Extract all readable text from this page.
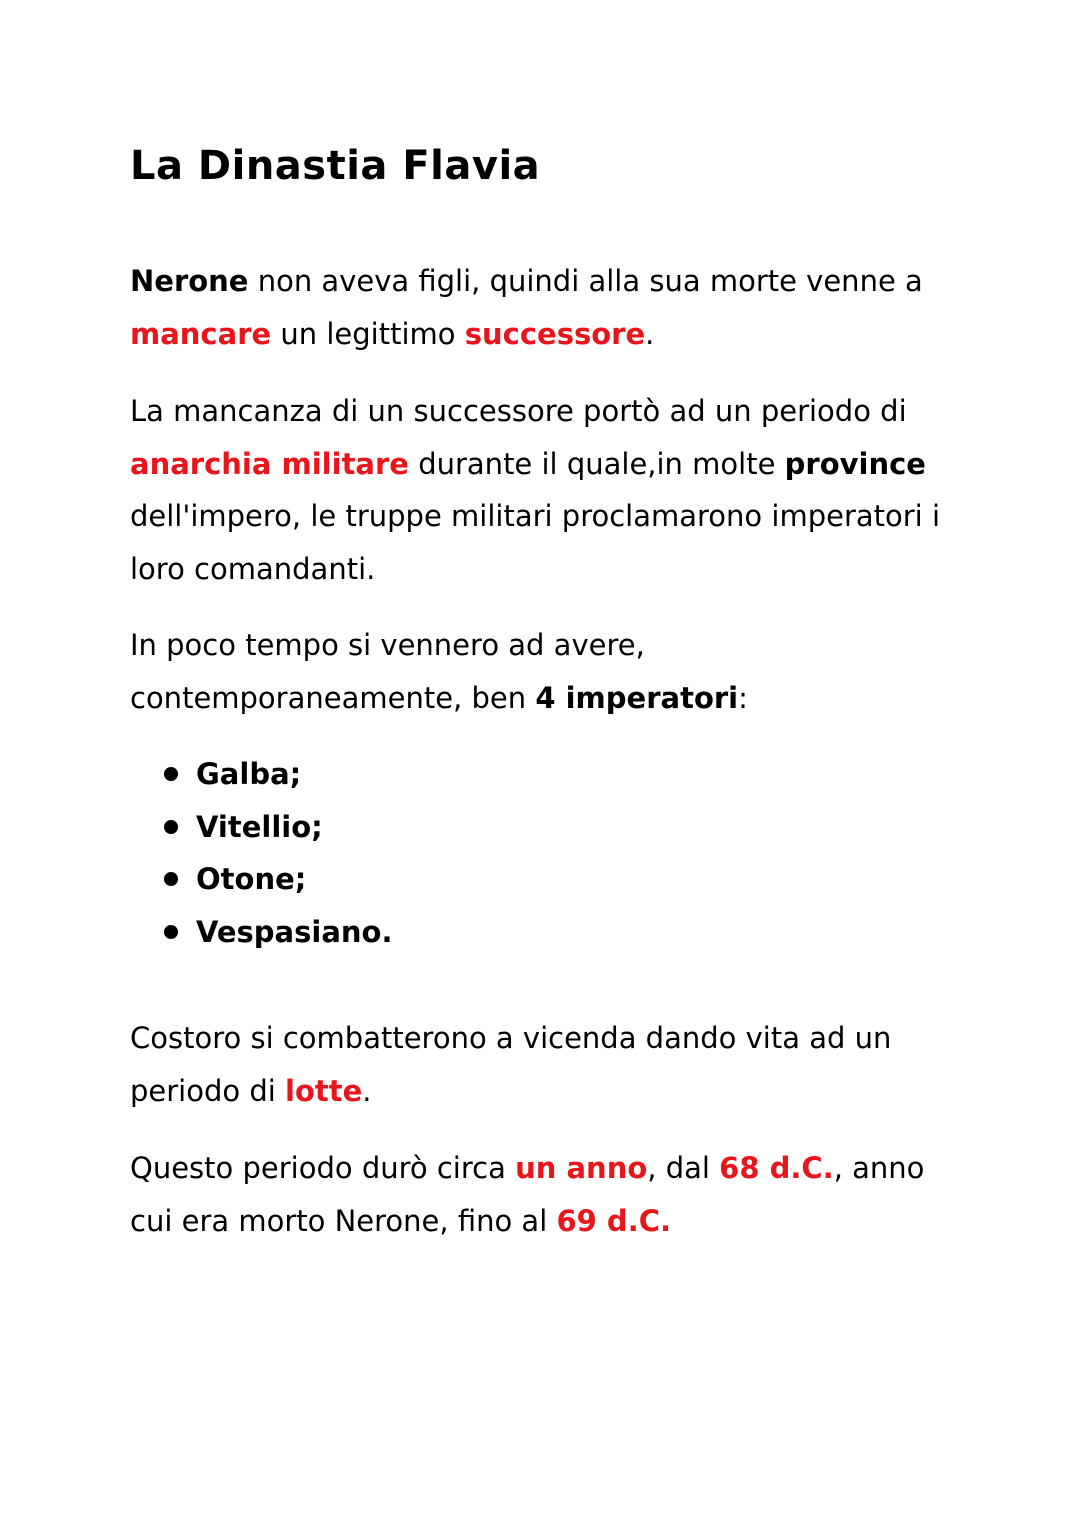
La Dinastia Flavia

Nerone non aveva figli, quindi alla sua morte venne a mancare un legittimo successore.

La mancanza di un successore portò ad un periodo di anarchia militare durante il quale,in molte province dell'impero, le truppe militari proclamarono imperatori i loro comandanti.

In poco tempo si vennero ad avere, contemporaneamente, ben 4 imperatori:

Galba;
Vitellio;
Otone;
Vespasiano.

Costoro si combatterono a vicenda dando vita ad un periodo di lotte.

Questo periodo durò circa un anno, dal 68 d.C., anno cui era morto Nerone, fino al 69 d.C.
